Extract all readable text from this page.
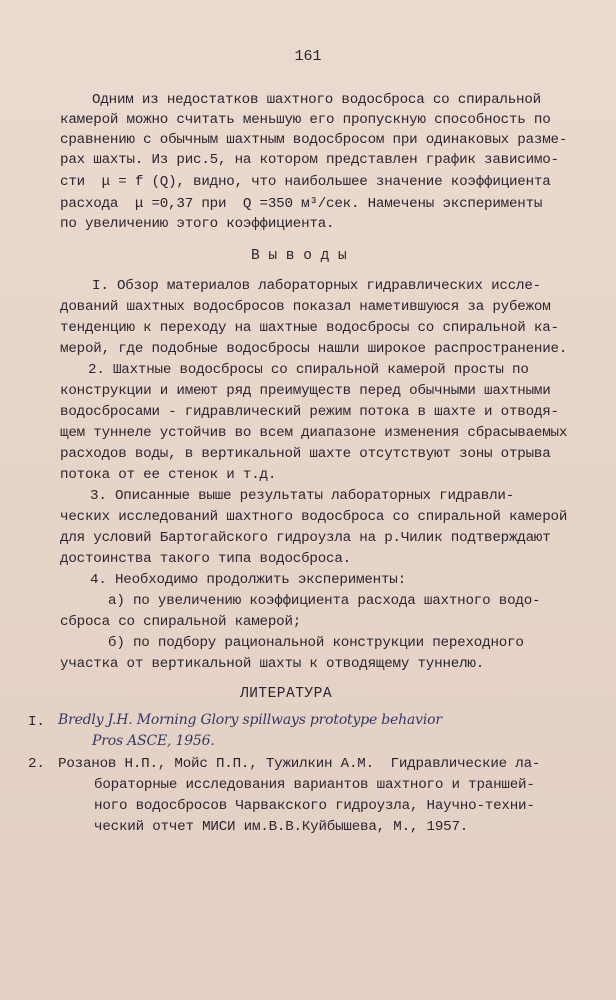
161
Одним из недостатков шахтного водосброса со спиральной
камерой можно считать меньшую его пропускную способность по
сравнению с обычным шахтным водосбросом при одинаковых разме-
рах шахты. Из рис.5, на котором представлен график зависимо-
сти  μ = f (Q), видно, что наибольшее значение коэффициента
расхода  μ =0,37 при  Q =350 м³/сек. Намечены эксперименты
по увеличению этого коэффициента.
В ы в о д ы
I. Обзор материалов лабораторных гидравлических иссле-
дований шахтных водосбросов показал наметившуюся за рубежом
тенденцию к переходу на шахтные водосбросы со спиральной ка-
мерой, где подобные водосбросы нашли широкое распространение.
2. Шахтные водосбросы со спиральной камерой просты по
конструкции и имеют ряд преимуществ перед обычными шахтными
водосбросами - гидравлический режим потока в шахте и отводя-
щем туннеле устойчив во всем диапазоне изменения сбрасываемых
расходов воды, в вертикальной шахте отсутствуют зоны отрыва
потока от ее стенок и т.д.
3. Описанные выше результаты лабораторных гидравли-
ческих исследований шахтного водосброса со спиральной камерой
для условий Бартогайского гидроузла на р.Чилик подтверждают
достоинства такого типа водосброса.
4. Необходимо продолжить эксперименты:
а) по увеличению коэффициента расхода шахтного водо-
сброса со спиральной камерой;
б) по подбору рациональной конструкции переходного
участка от вертикальной шахты к отводящему туннелю.
ЛИТЕРАТУРА
I. Bredly J.H. Morning Glory spillways prototype behavior
Pros ASCE, 1956.
2. Розанов Н.П., Мойс П.П., Тужилкин А.М.  Гидравлические ла-
бораторные исследования вариантов шахтного и траншей-
ного водосбросов Чарвакского гидроузла, Научно-техни-
ческий отчет МИСИ им.В.В.Куйбышева, М., 1957.
